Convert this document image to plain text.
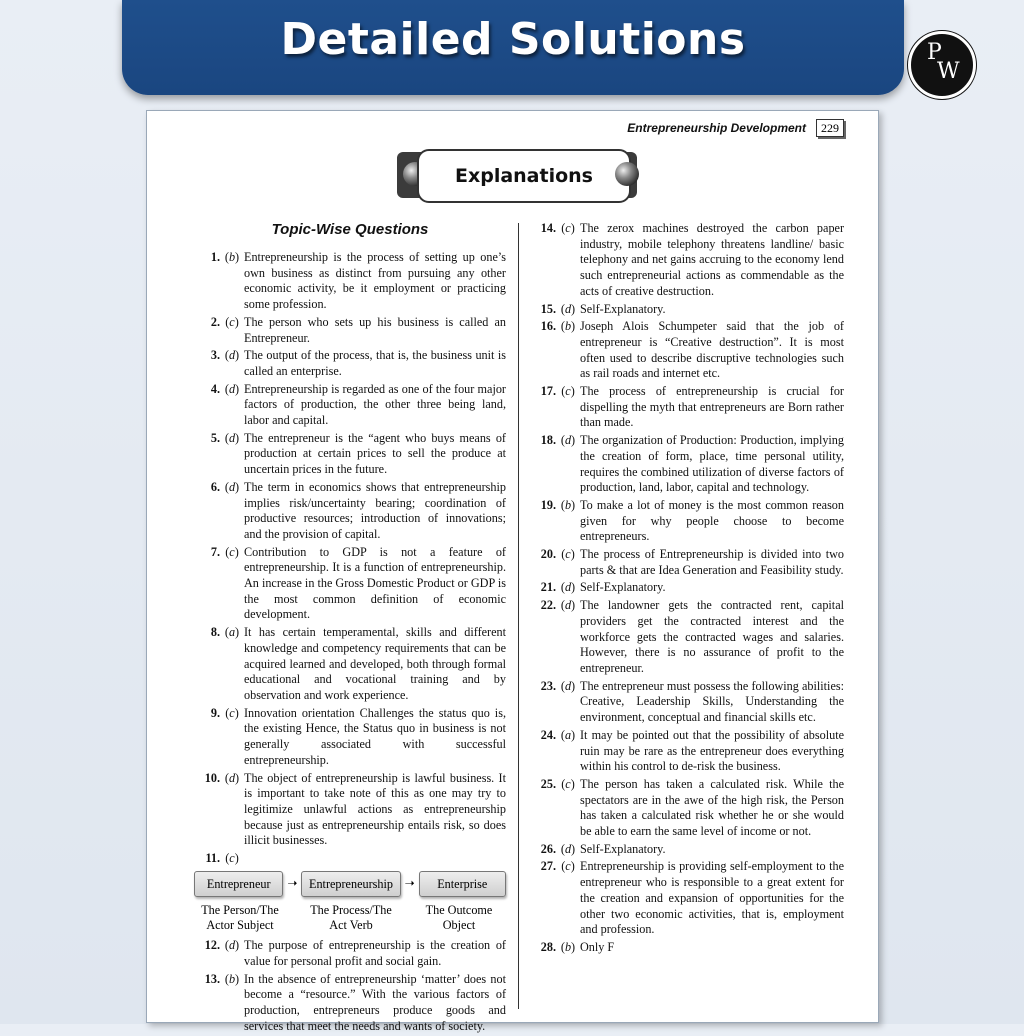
Detailed Solutions	P
W
Entrepreneurship Development	229
Explanations
Topic-Wise Questions
1. (b) Entrepreneurship is the process of setting up one’s own business as distinct from pursuing any other economic activity, be it employment or practicing some profession.
2. (c) The person who sets up his business is called an Entrepreneur.
3. (d) The output of the process, that is, the business unit is called an enterprise.
4. (d) Entrepreneurship is regarded as one of the four major factors of production, the other three being land, labor and capital.
5. (d) The entrepreneur is the “agent who buys means of production at certain prices to sell the produce at uncertain prices in the future.
6. (d) The term in economics shows that entrepreneurship implies risk/uncertainty bearing; coordination of productive resources; introduction of innovations; and the provision of capital.
7. (c) Contribution to GDP is not a feature of entrepreneurship. It is a function of entrepreneurship. An increase in the Gross Domestic Product or GDP is the most common definition of economic development.
8. (a) It has certain temperamental, skills and different knowledge and competency requirements that can be acquired learned and developed, both through formal educational and vocational training and by observation and work experience.
9. (c) Innovation orientation Challenges the status quo is, the existing Hence, the Status quo in business is not generally associated with successful entrepreneurship.
10. (d) The object of entrepreneurship is lawful business. It is important to take note of this as one may try to legitimize unlawful actions as entrepreneurship because just as entrepreneurship entails risk, so does illicit businesses.
11. (c)
Entrepreneur	➝ Entrepreneurship ➝	Enterprise
The Person/The
Actor Subject
The Process/The
Act Verb
The Outcome
Object
12. (d) The purpose of entrepreneurship is the creation of value for personal profit and social gain.
13. (b) In the absence of entrepreneurship ‘matter’ does not become a “resource.” With the various factors of production, entrepreneurs produce goods and services that meet the needs and wants of society.
14. (c) The zerox machines destroyed the carbon paper industry, mobile telephony threatens landline/ basic telephony and net gains accruing to the economy lend such entrepreneurial actions as commendable as the acts of creative destruction.
15. (d) Self-Explanatory.
16. (b) Joseph Alois Schumpeter said that the job of entrepreneur is “Creative destruction”. It is most often used to describe discruptive technologies such as rail roads and internet etc.
17. (c) The process of entrepreneurship is crucial for dispelling the myth that entrepreneurs are Born rather than made.
18. (d) The organization of Production: Production, implying the creation of form, place, time personal utility, requires the combined utilization of diverse factors of production, land, labor, capital and technology.
19. (b) To make a lot of money is the most common reason given for why people choose to become entrepreneurs.
20. (c) The process of Entrepreneurship is divided into two parts & that are Idea Generation and Feasibility study.
21. (d) Self-Explanatory.
22. (d) The landowner gets the contracted rent, capital providers get the contracted interest and the workforce gets the contracted wages and salaries. However, there is no assurance of profit to the entrepreneur.
23. (d) The entrepreneur must possess the following abilities: Creative, Leadership Skills, Understanding the environment, conceptual and financial skills etc.
24. (a) It may be pointed out that the possibility of absolute ruin may be rare as the entrepreneur does everything within his control to de-risk the business.
25. (c) The person has taken a calculated risk. While the spectators are in the awe of the high risk, the Person has taken a calculated risk whether he or she would be able to earn the same level of income or not.
26. (d) Self-Explanatory.
27. (c) Entrepreneurship is providing self-employment to the entrepreneur who is responsible to a great extent for the creation and expansion of opportunities for the other two economic activities, that is, employment and profession.
28. (b) Only F
